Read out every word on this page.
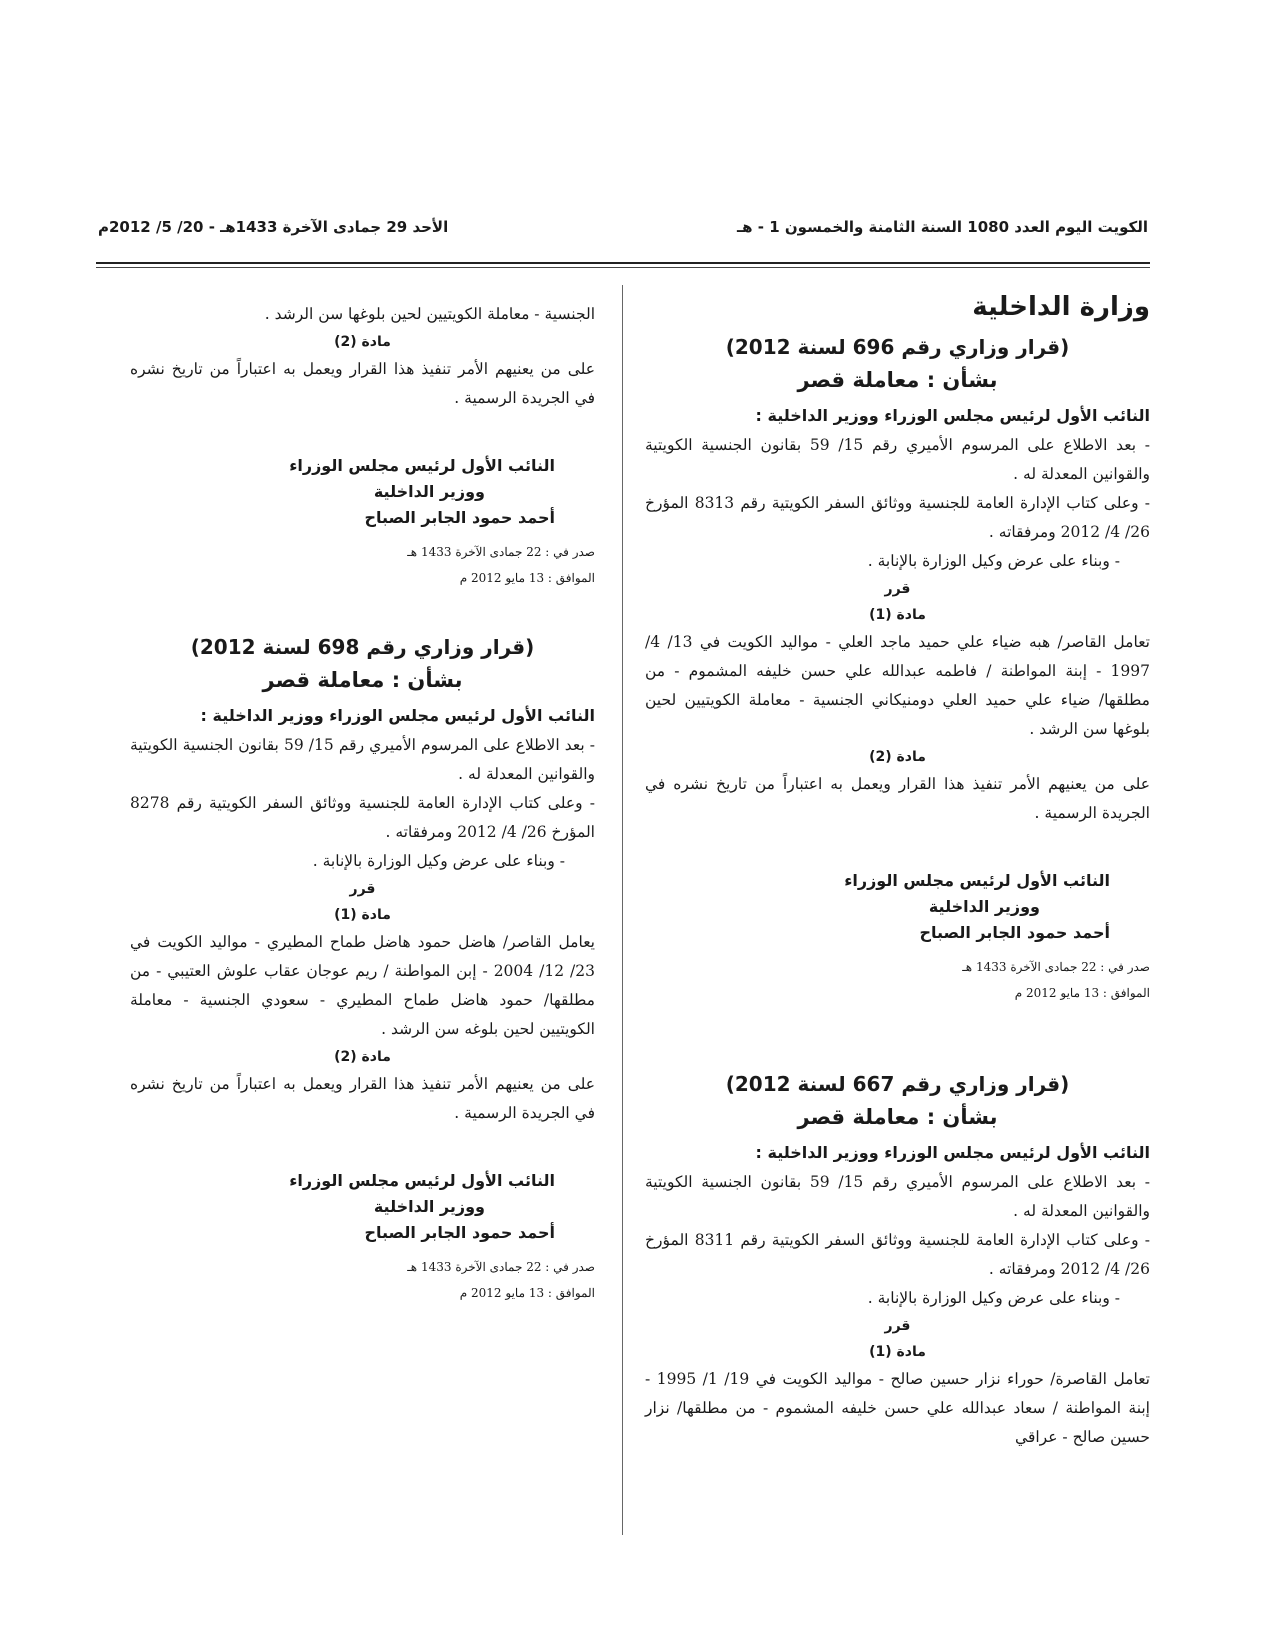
الكويت اليوم العدد 1080 السنة الثامنة والخمسون 1 - هـ
الأحد 29 جمادى الآخرة 1433هـ - 20/ 5/ 2012م
وزارة الداخلية
(قرار وزاري رقم 696 لسنة 2012)
بشأن : معاملة قصر
النائب الأول لرئيس مجلس الوزراء ووزير الداخلية :
- بعد الاطلاع على المرسوم الأميري رقم 15/ 59 بقانون الجنسية الكويتية والقوانين المعدلة له .
- وعلى كتاب الإدارة العامة للجنسية ووثائق السفر الكويتية رقم 8313 المؤرخ 26/ 4/ 2012 ومرفقاته .
- وبناء على عرض وكيل الوزارة بالإنابة .
قرر
مادة (1)
تعامل القاصر/ هبه ضياء علي حميد ماجد العلي - مواليد الكويت في 13/ 4/ 1997 - إبنة المواطنة / فاطمه عبدالله علي حسن خليفه المشموم - من مطلقها/ ضياء علي حميد العلي دومنيكاني الجنسية - معاملة الكويتيين لحين بلوغها سن الرشد .
مادة (2)
على من يعنيهم الأمر تنفيذ هذا القرار ويعمل به اعتباراً من تاريخ نشره في الجريدة الرسمية .
النائب الأول لرئيس مجلس الوزراء
ووزير الداخلية
أحمد حمود الجابر الصباح
صدر في : 22 جمادى الآخرة 1433 هـ
الموافق : 13 مايو 2012 م
(قرار وزاري رقم 667 لسنة 2012)
بشأن : معاملة قصر
النائب الأول لرئيس مجلس الوزراء ووزير الداخلية :
- بعد الاطلاع على المرسوم الأميري رقم 15/ 59 بقانون الجنسية الكويتية والقوانين المعدلة له .
- وعلى كتاب الإدارة العامة للجنسية ووثائق السفر الكويتية رقم 8311 المؤرخ 26/ 4/ 2012 ومرفقاته .
- وبناء على عرض وكيل الوزارة بالإنابة .
قرر
مادة (1)
تعامل القاصرة/ حوراء نزار حسين صالح - مواليد الكويت في 19/ 1/ 1995 - إبنة المواطنة / سعاد عبدالله علي حسن خليفه المشموم - من مطلقها/ نزار حسين صالح - عراقي
الجنسية - معاملة الكويتيين لحين بلوغها سن الرشد .
مادة (2)
على من يعنيهم الأمر تنفيذ هذا القرار ويعمل به اعتباراً من تاريخ نشره في الجريدة الرسمية .
النائب الأول لرئيس مجلس الوزراء
ووزير الداخلية
أحمد حمود الجابر الصباح
صدر في : 22 جمادى الآخرة 1433 هـ
الموافق : 13 مايو 2012 م
(قرار وزاري رقم 698 لسنة 2012)
بشأن : معاملة قصر
النائب الأول لرئيس مجلس الوزراء ووزير الداخلية :
- بعد الاطلاع على المرسوم الأميري رقم 15/ 59 بقانون الجنسية الكويتية والقوانين المعدلة له .
- وعلى كتاب الإدارة العامة للجنسية ووثائق السفر الكويتية رقم 8278 المؤرخ 26/ 4/ 2012 ومرفقاته .
- وبناء على عرض وكيل الوزارة بالإنابة .
قرر
مادة (1)
يعامل القاصر/ هاضل حمود هاضل طماح المطيري - مواليد الكويت في 23/ 12/ 2004 - إبن المواطنة / ريم عوجان عقاب علوش العتيبي - من مطلقها/ حمود هاضل طماح المطيري - سعودي الجنسية - معاملة الكويتيين لحين بلوغه سن الرشد .
مادة (2)
على من يعنيهم الأمر تنفيذ هذا القرار ويعمل به اعتباراً من تاريخ نشره في الجريدة الرسمية .
النائب الأول لرئيس مجلس الوزراء
ووزير الداخلية
أحمد حمود الجابر الصباح
صدر في : 22 جمادى الآخرة 1433 هـ
الموافق : 13 مايو 2012 م
